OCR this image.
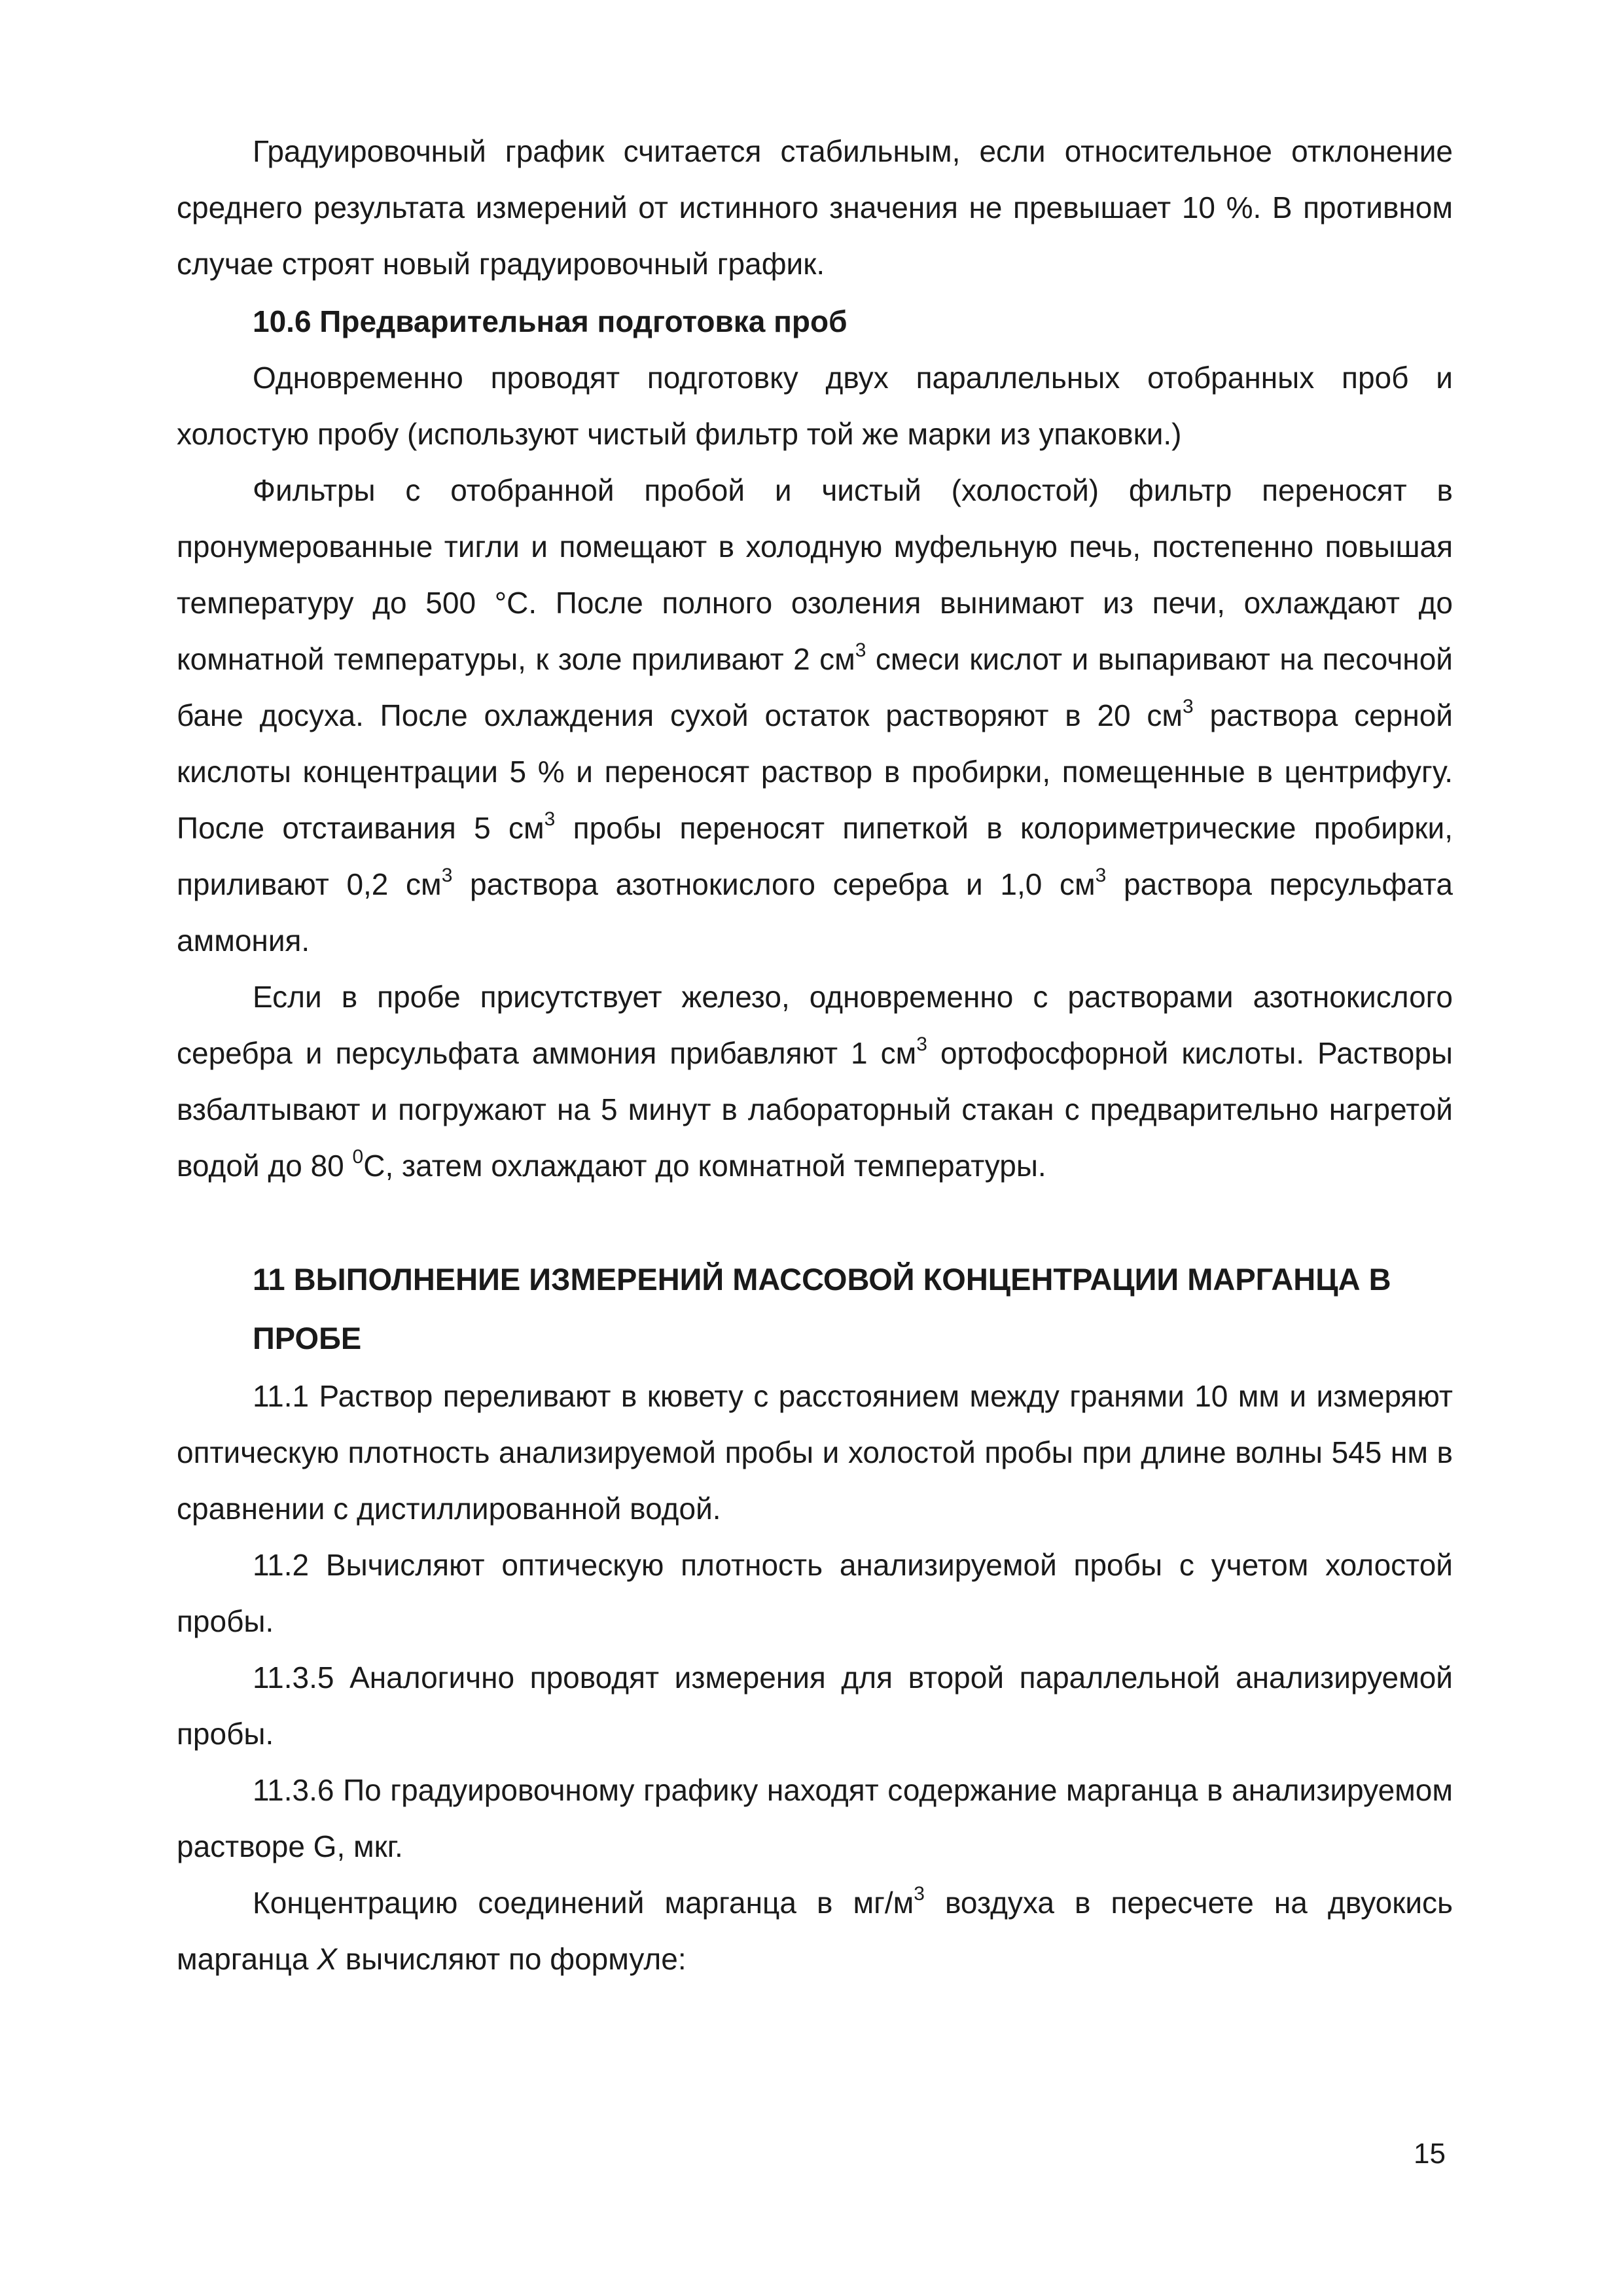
Градуировочный график считается стабильным, если относительное отклонение среднего результата измерений от истинного значения не превышает 10 %. В противном случае строят новый градуировочный график.

10.6 Предварительная подготовка проб

Одновременно проводят подготовку двух параллельных отобранных проб и холостую пробу (используют чистый фильтр той же марки из упаковки.)

Фильтры с отобранной пробой и чистый (холостой) фильтр переносят в пронумерованные тигли и помещают в холодную муфельную печь, постепенно повышая температуру до 500 °С. После полного озоления вынимают из печи, охлаждают до комнатной температуры, к золе приливают 2 $см^3$ смеси кислот и выпаривают на песочной бане досуха. После охлаждения сухой остаток растворяют в 20 $см^3$ раствора серной кислоты концентрации 5 % и переносят раствор в пробирки, помещенные в центрифугу. После отстаивания 5 $см^3$ пробы переносят пипеткой в колориметрические пробирки, приливают 0,2 $см^3$ раствора азотнокислого серебра и 1,0 $см^3$ раствора персульфата аммония.

Если в пробе присутствует железо, одновременно с растворами азотнокислого серебра и персульфата аммония прибавляют 1 $см^3$ ортофосфорной кислоты. Растворы взбалтывают и погружают на 5 минут в лабораторный стакан с предварительно нагретой водой до 80 $^0$С, затем охлаждают до комнатной температуры.

11 ВЫПОЛНЕНИЕ ИЗМЕРЕНИЙ МАССОВОЙ КОНЦЕНТРАЦИИ МАРГАНЦА В ПРОБЕ

11.1 Раствор переливают в кювету с расстоянием между гранями 10 мм и измеряют оптическую плотность анализируемой пробы и холостой пробы при длине волны 545 нм в сравнении с дистиллированной водой.

11.2 Вычисляют оптическую плотность анализируемой пробы с учетом холостой пробы.

11.3.5 Аналогично проводят измерения для второй параллельной анализируемой пробы.

11.3.6 По градуировочному графику находят содержание марганца в анализируемом растворе G, мкг.

Концентрацию соединений марганца в $мг/м^3$ воздуха в пересчете на двуокись марганца X вычисляют по формуле:

15
